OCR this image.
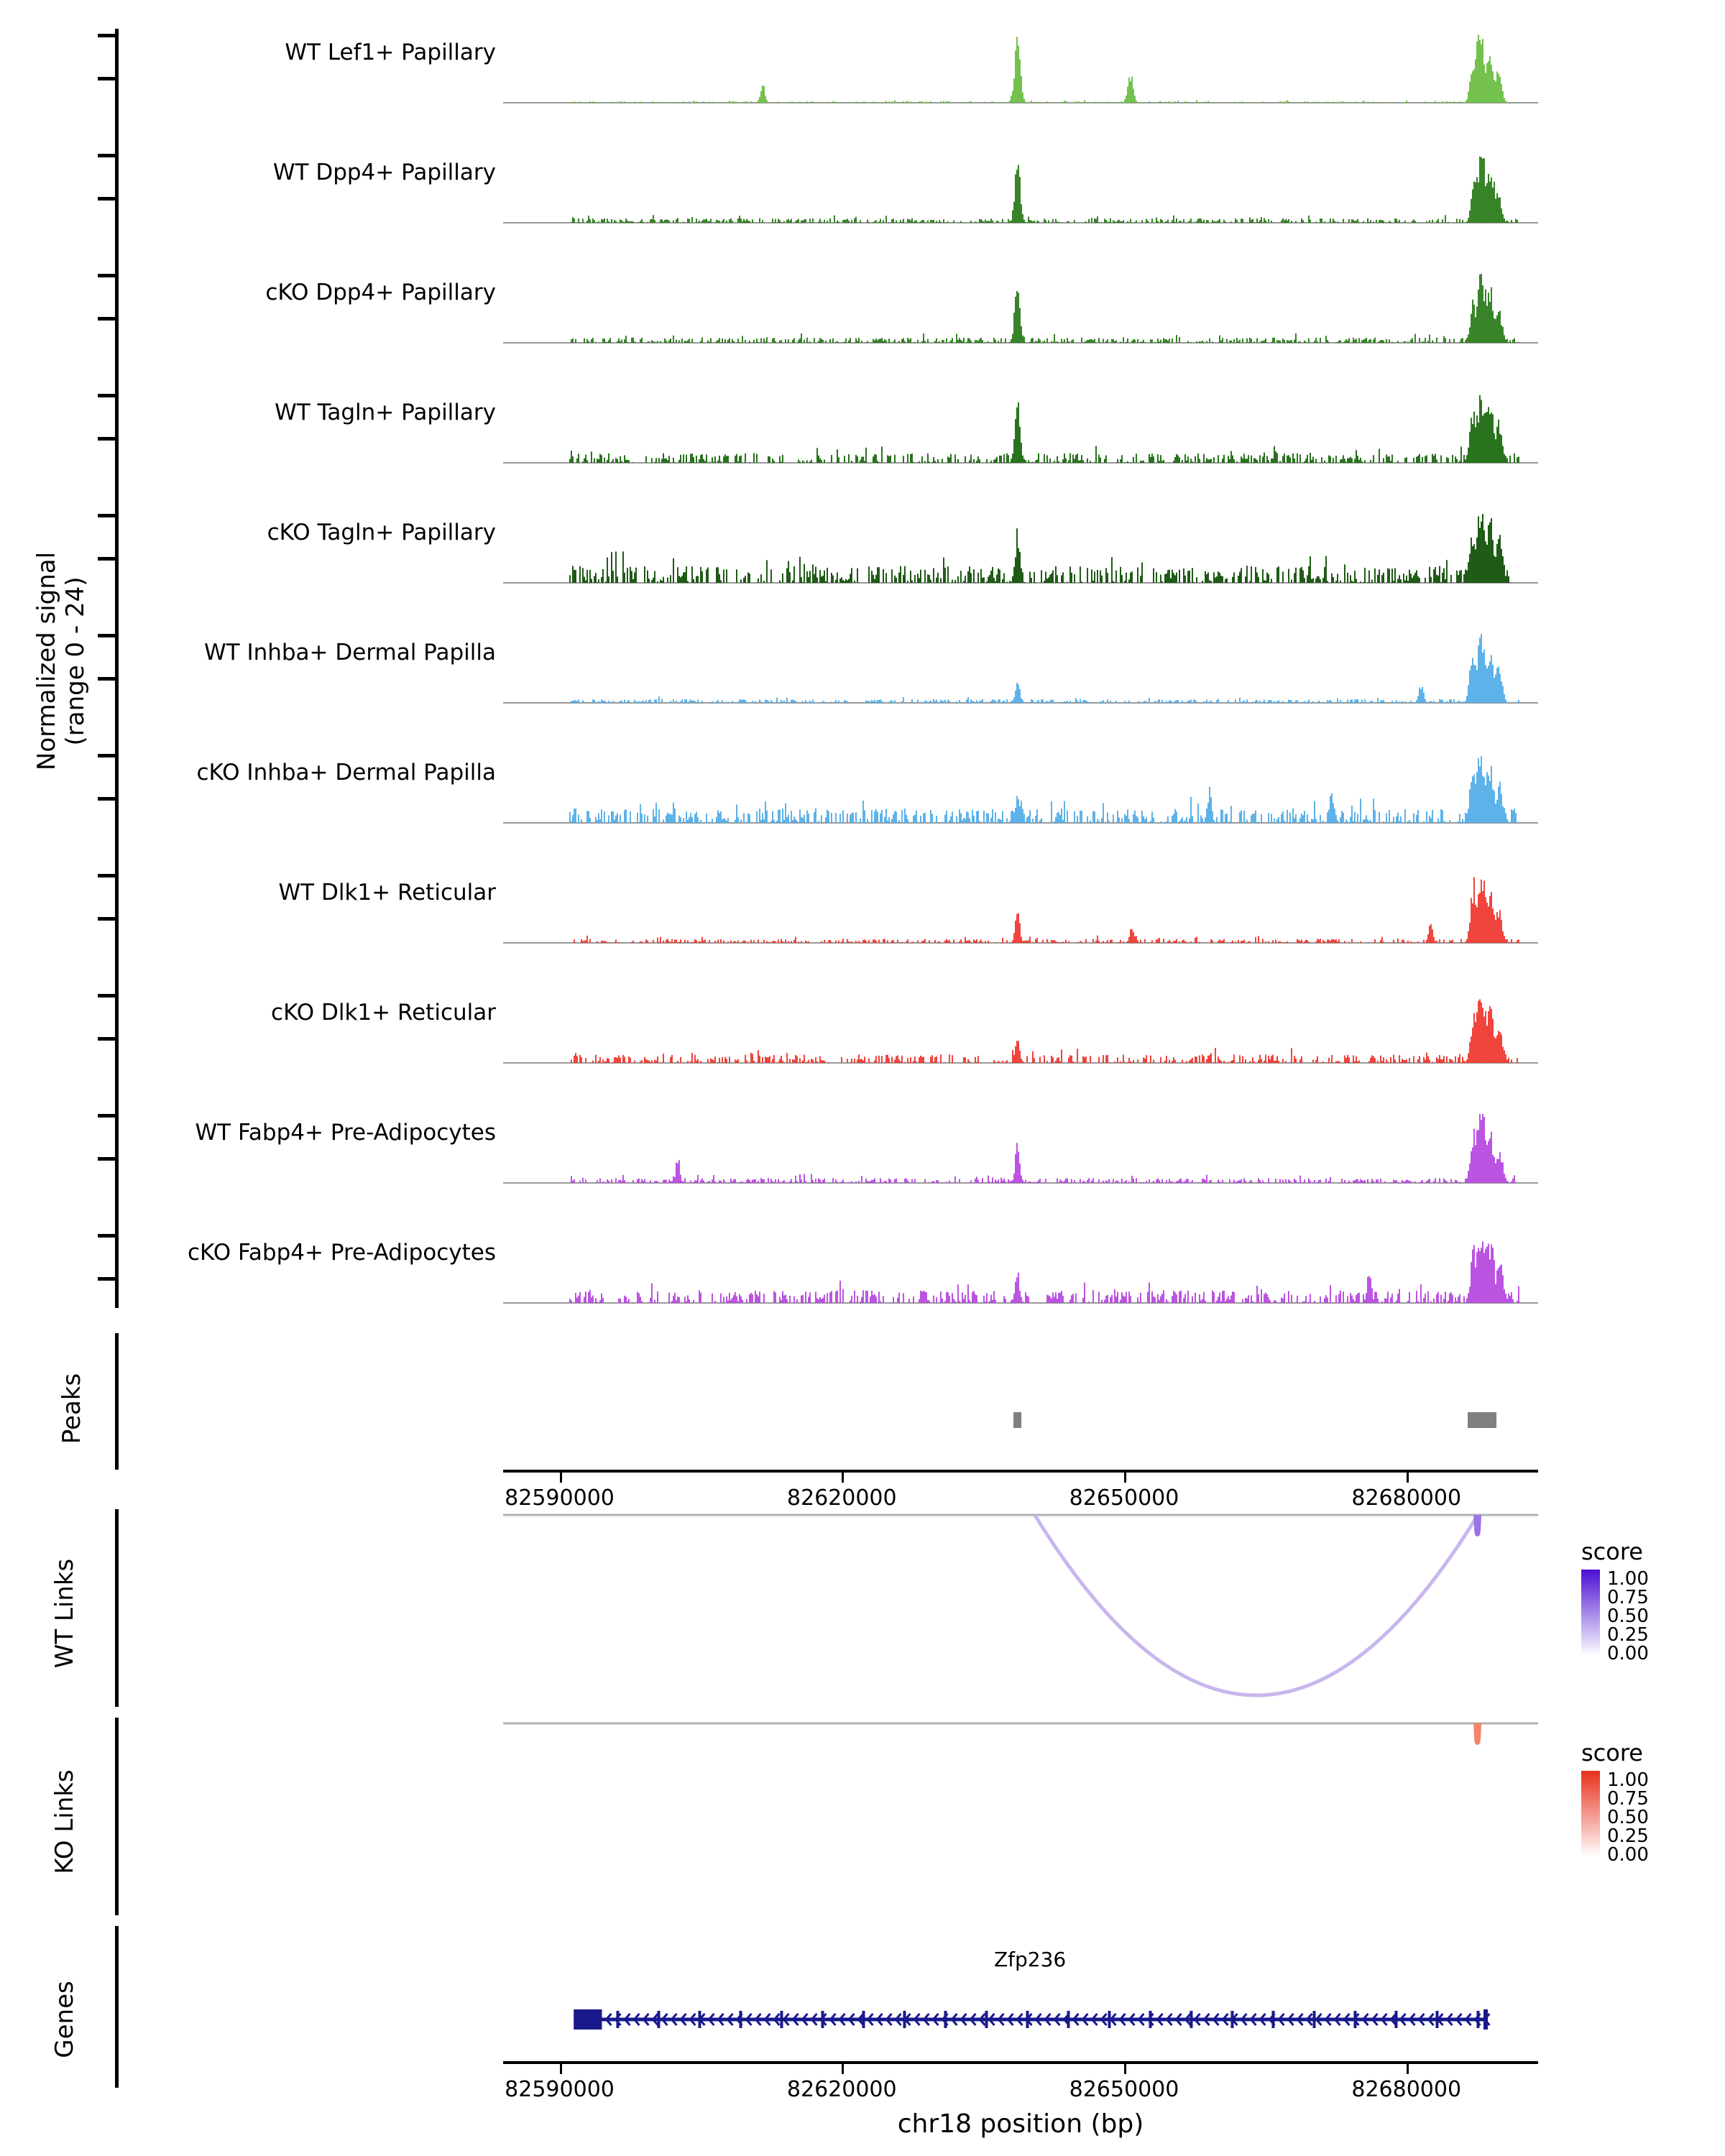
Normalized signal (range 0 - 24)
WT Lef1+ Papillary
WT Dpp4+ Papillary
cKO Dpp4+ Papillary
WT Tagln+ Papillary
cKO Tagln+ Papillary
WT Inhba+ Dermal Papilla
cKO Inhba+ Dermal Papilla
WT Dlk1+ Reticular
cKO Dlk1+ Reticular
WT Fabp4+ Pre-Adipocytes
cKO Fabp4+ Pre-Adipocytes
Peaks
82590000	82620000	82650000	82680000
WT Links
score
1.00
0.75
0.50
0.25
0.00
KO Links
score
1.00
0.75
0.50
0.25
0.00
Genes
Zfp236
82590000	82620000	82650000	82680000
chr18 position (bp)
